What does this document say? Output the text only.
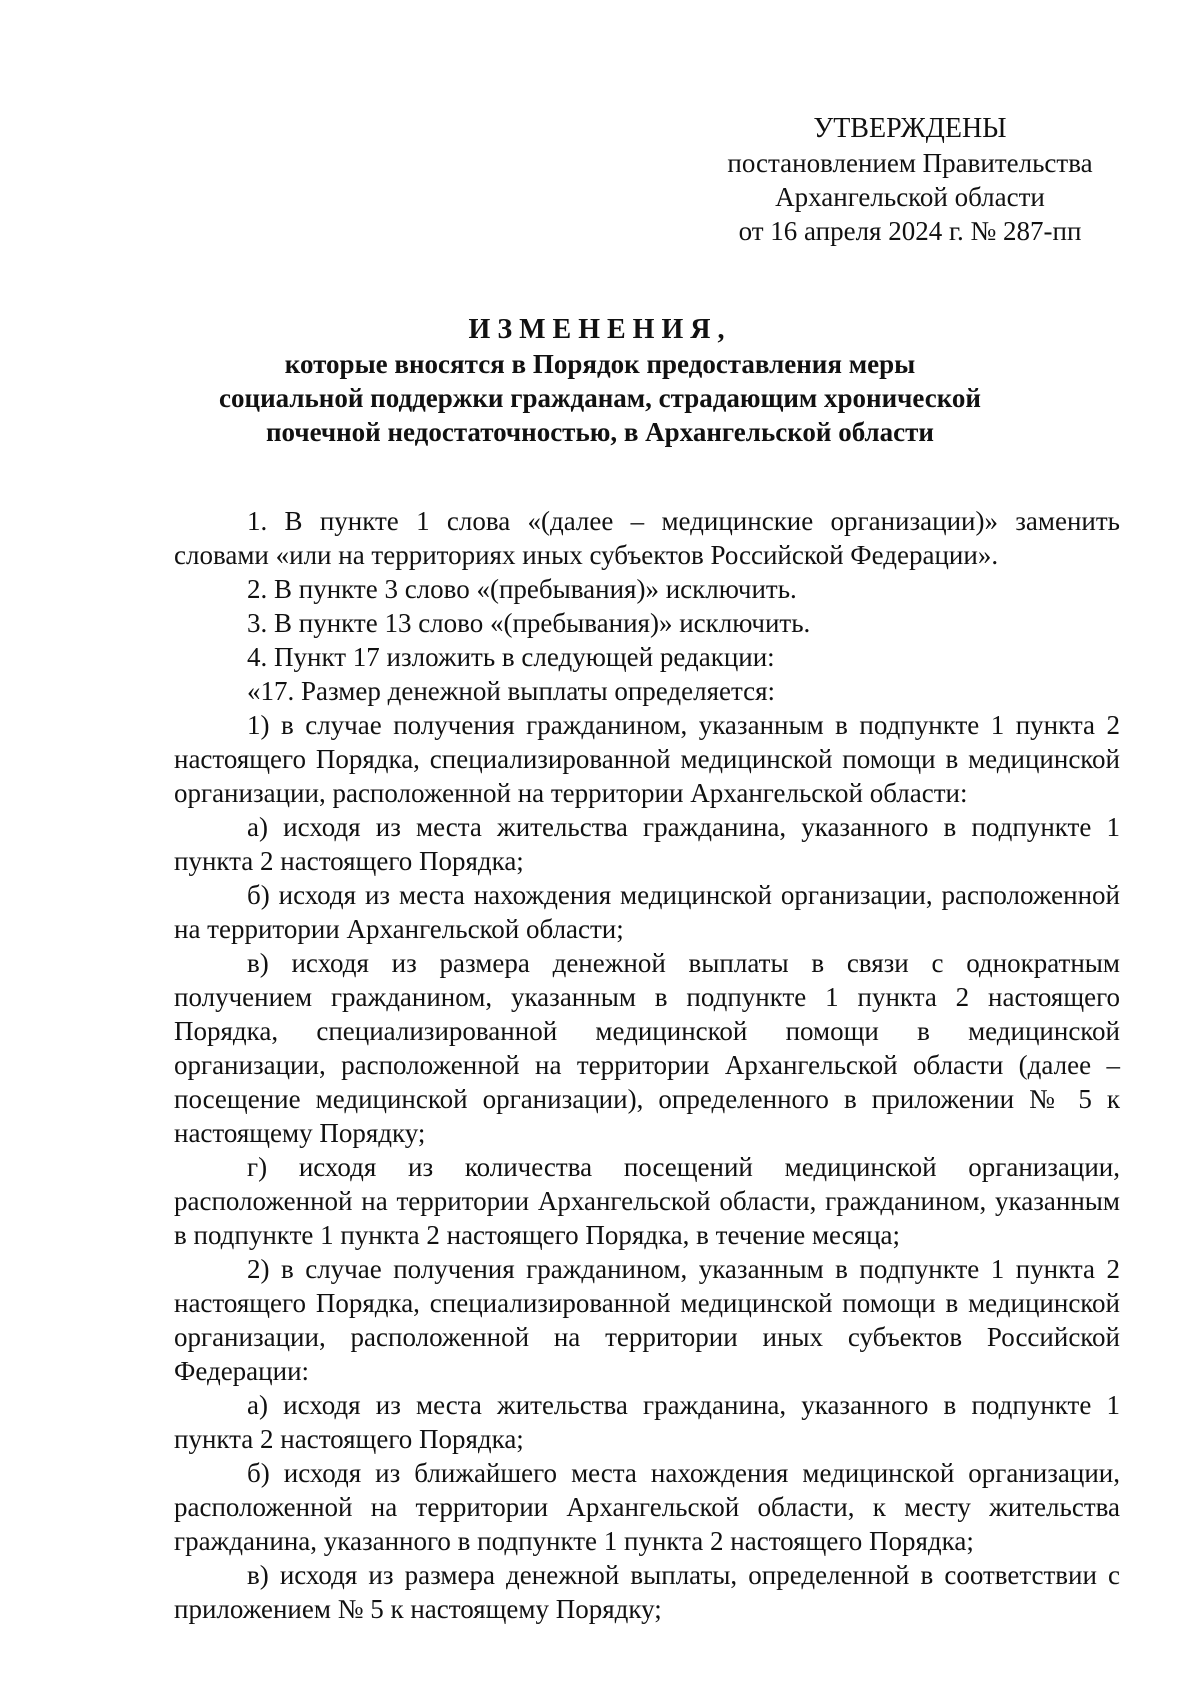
УТВЕРЖДЕНЫ
постановлением Правительства
Архангельской области
от 16 апреля 2024 г. № 287-пп
ИЗМЕНЕНИЯ,
которые вносятся в Порядок предоставления меры
социальной поддержки гражданам, страдающим хронической
почечной недостаточностью, в Архангельской области

1. В пункте 1 слова «(далее – медицинские организации)» заменить словами «или на территориях иных субъектов Российской Федерации».

2. В пункте 3 слово «(пребывания)» исключить.

3. В пункте 13 слово «(пребывания)» исключить.

4. Пункт 17 изложить в следующей редакции:

«17. Размер денежной выплаты определяется:

1) в случае получения гражданином, указанным в подпункте 1 пункта 2 настоящего Порядка, специализированной медицинской помощи в медицинской организации, расположенной на территории Архангельской области:

а) исходя из места жительства гражданина, указанного в подпункте 1 пункта 2 настоящего Порядка;

б) исходя из места нахождения медицинской организации, расположенной на территории Архангельской области;

в) исходя из размера денежной выплаты в связи с однократным получением гражданином, указанным в подпункте 1 пункта 2 настоящего Порядка, специализированной медицинской помощи в медицинской организации, расположенной на территории Архангельской области (далее – посещение медицинской организации), определенного в приложении № 5 к настоящему Порядку;

г) исходя из количества посещений медицинской организации, расположенной на территории Архангельской области, гражданином, указанным в подпункте 1 пункта 2 настоящего Порядка, в течение месяца;

2) в случае получения гражданином, указанным в подпункте 1 пункта 2 настоящего Порядка, специализированной медицинской помощи в медицинской организации, расположенной на территории иных субъектов Российской Федерации:

а) исходя из места жительства гражданина, указанного в подпункте 1 пункта 2 настоящего Порядка;

б) исходя из ближайшего места нахождения медицинской организации, расположенной на территории Архангельской области, к месту жительства гражданина, указанного в подпункте 1 пункта 2 настоящего Порядка;

в) исходя из размера денежной выплаты, определенной в соответствии с приложением № 5 к настоящему Порядку;
